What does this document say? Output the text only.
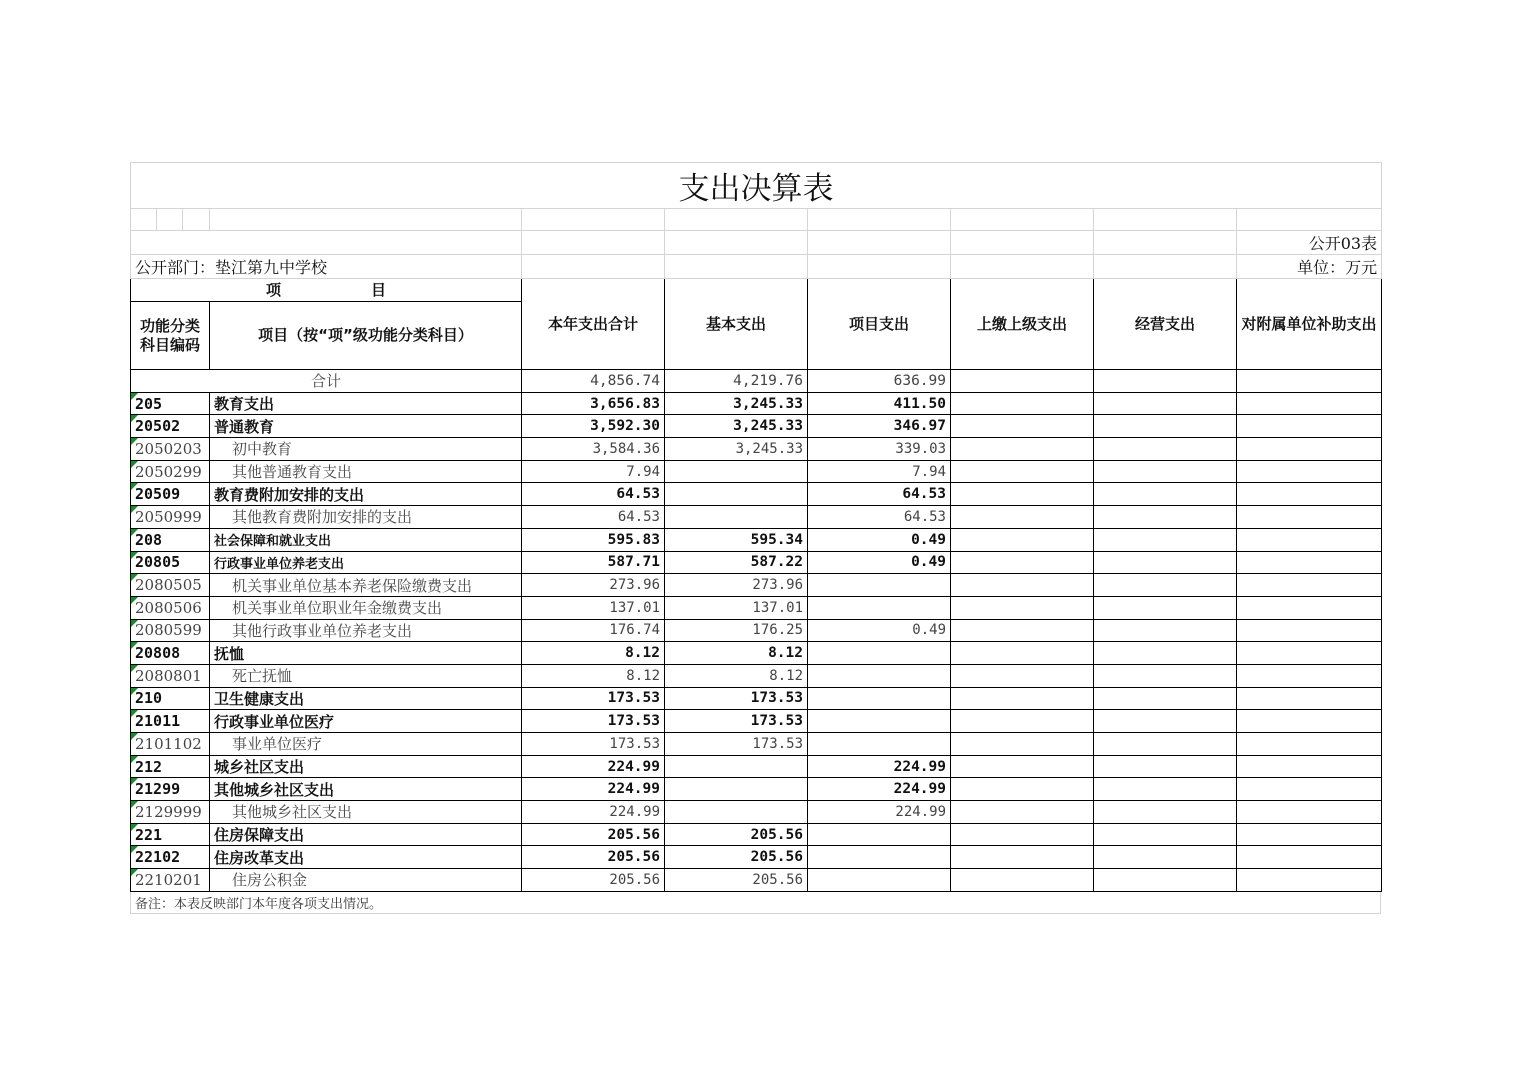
支出决算表									

									公开03表
公开部门：垫江第九中学校									单位：万元
项　　　　　　目				本年支出合计	基本支出	项目支出	上缴上级支出	经营支出	对附属单位补助支出
功能分类科目编码			项目（按“项”级功能分类科目）						
合计				4,856.74	4,219.76	636.99			
205			教育支出	3,656.83	3,245.33	411.50			
20502			普通教育	3,592.30	3,245.33	346.97			
2050203			初中教育	3,584.36	3,245.33	339.03			
2050299			其他普通教育支出	7.94		7.94			
20509			教育费附加安排的支出	64.53		64.53			
2050999			其他教育费附加安排的支出	64.53		64.53			
208			社会保障和就业支出	595.83	595.34	0.49			
20805			行政事业单位养老支出	587.71	587.22	0.49			
2080505			机关事业单位基本养老保险缴费支出	273.96	273.96				
2080506			机关事业单位职业年金缴费支出	137.01	137.01				
2080599			其他行政事业单位养老支出	176.74	176.25	0.49			
20808			抚恤	8.12	8.12				
2080801			死亡抚恤	8.12	8.12				
210			卫生健康支出	173.53	173.53				
21011			行政事业单位医疗	173.53	173.53				
2101102			事业单位医疗	173.53	173.53				
212			城乡社区支出	224.99		224.99			
21299			其他城乡社区支出	224.99		224.99			
2129999			其他城乡社区支出	224.99		224.99			
221			住房保障支出	205.56	205.56				
22102			住房改革支出	205.56	205.56				
2210201			住房公积金	205.56	205.56				
备注：本表反映部门本年度各项支出情况。
